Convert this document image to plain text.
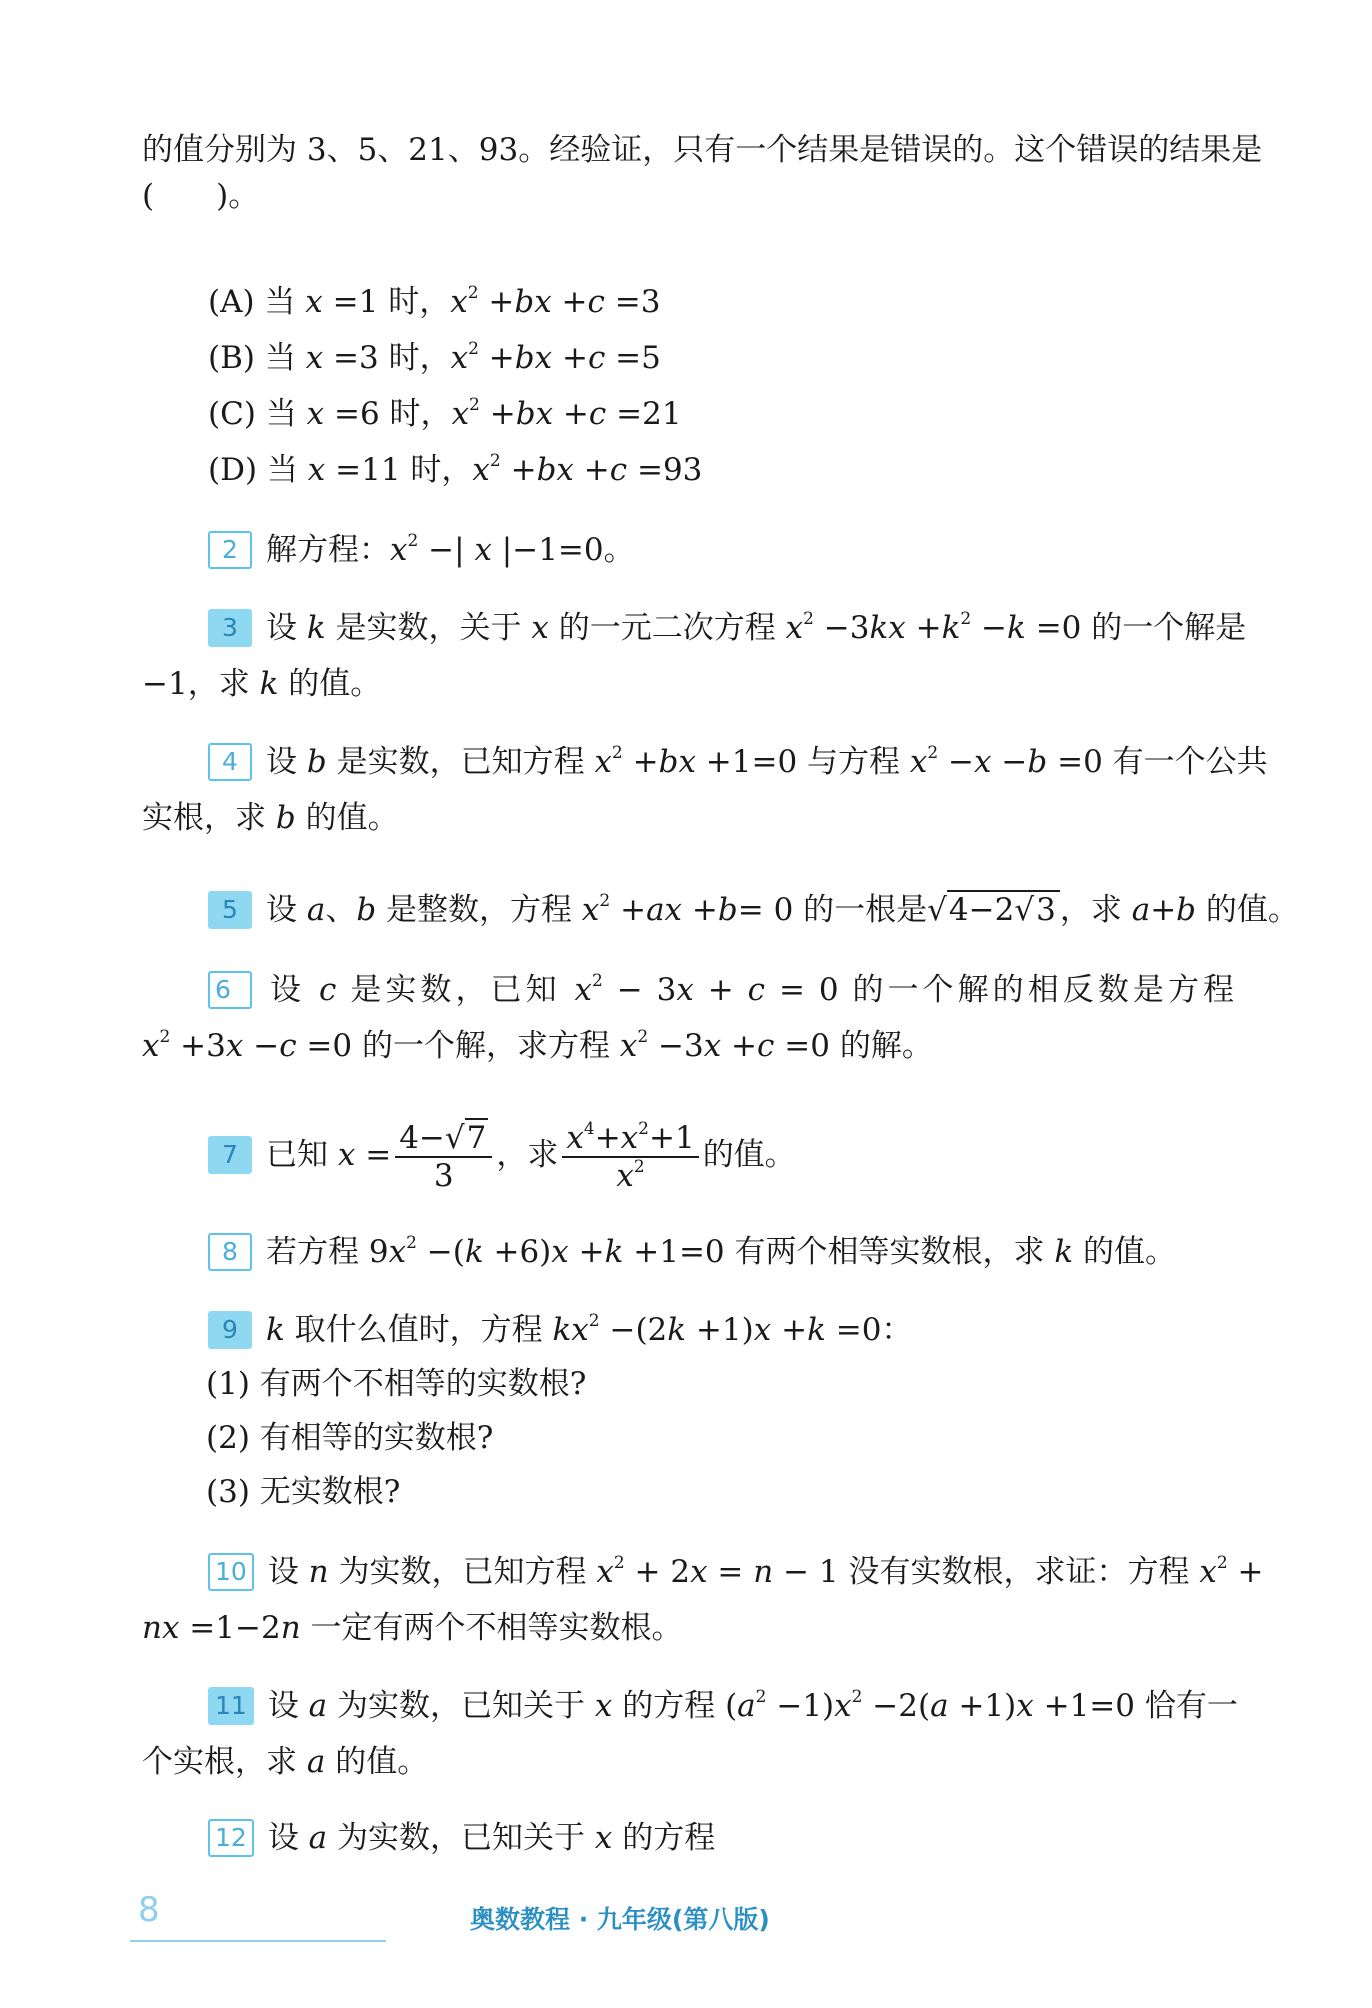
的值分别为 3、5、21、93。经验证，只有一个结果是错误的。这个错误的结果是
(　　)。
(A) 当 x =1 时，$x^2 +bx +c =3$
(B) 当 x =3 时，$x^2 +bx +c =5$
(C) 当 x =6 时，$x^2 +bx +c =21$
(D) 当 x =11 时，$x^2 +bx +c =93$
2 解方程：$x^2$ −| x |−1=0。
3 设 k 是实数，关于 x 的一元二次方程 $x^2 -3kx +k^2 -k =0$ 的一个解是
−1，求 k 的值。
4 设 b 是实数，已知方程 $x^2 +bx +1=0$ 与方程 $x^2 -x -b =0$ 有一个公共
实根，求 b 的值。
5 设 a、b 是整数，方程 $x^2 +ax +b= 0$ 的一根是√4−2√3 ，求 a+b 的值。
6 设 c 是实数，已知 $x^2 - 3x + c = 0$ 的一个解的相反数是方程
$x^2 +3x -c =0$ 的一个解，求方程 $x^2 -3x +c =0$ 的解。
7 已知 $x = \frac{4-√7}{3}$ ，求 $\frac{x^4+x^2+1}{x^2}$ 的值。
8 若方程 $9x^2 -(k +6)x +k +1=0$ 有两个相等实数根，求 k 的值。
9 k 取什么值时，方程 $kx^2 -(2k +1)x +k =0$：
(1) 有两个不相等的实数根?
(2) 有相等的实数根?
(3) 无实数根?
10 设 n 为实数，已知方程 $x^2 + 2x = n - 1$ 没有实数根，求证：方程 $x^2$ +
nx =1−2n 一定有两个不相等实数根。
11 设 a 为实数，已知关于 x 的方程 $(a^2 -1)x^2 -2(a +1)x +1=0$ 恰有一
个实根，求 a 的值。
12 设 a 为实数，已知关于 x 的方程
8	奥数教程 · 九年级(第八版)
